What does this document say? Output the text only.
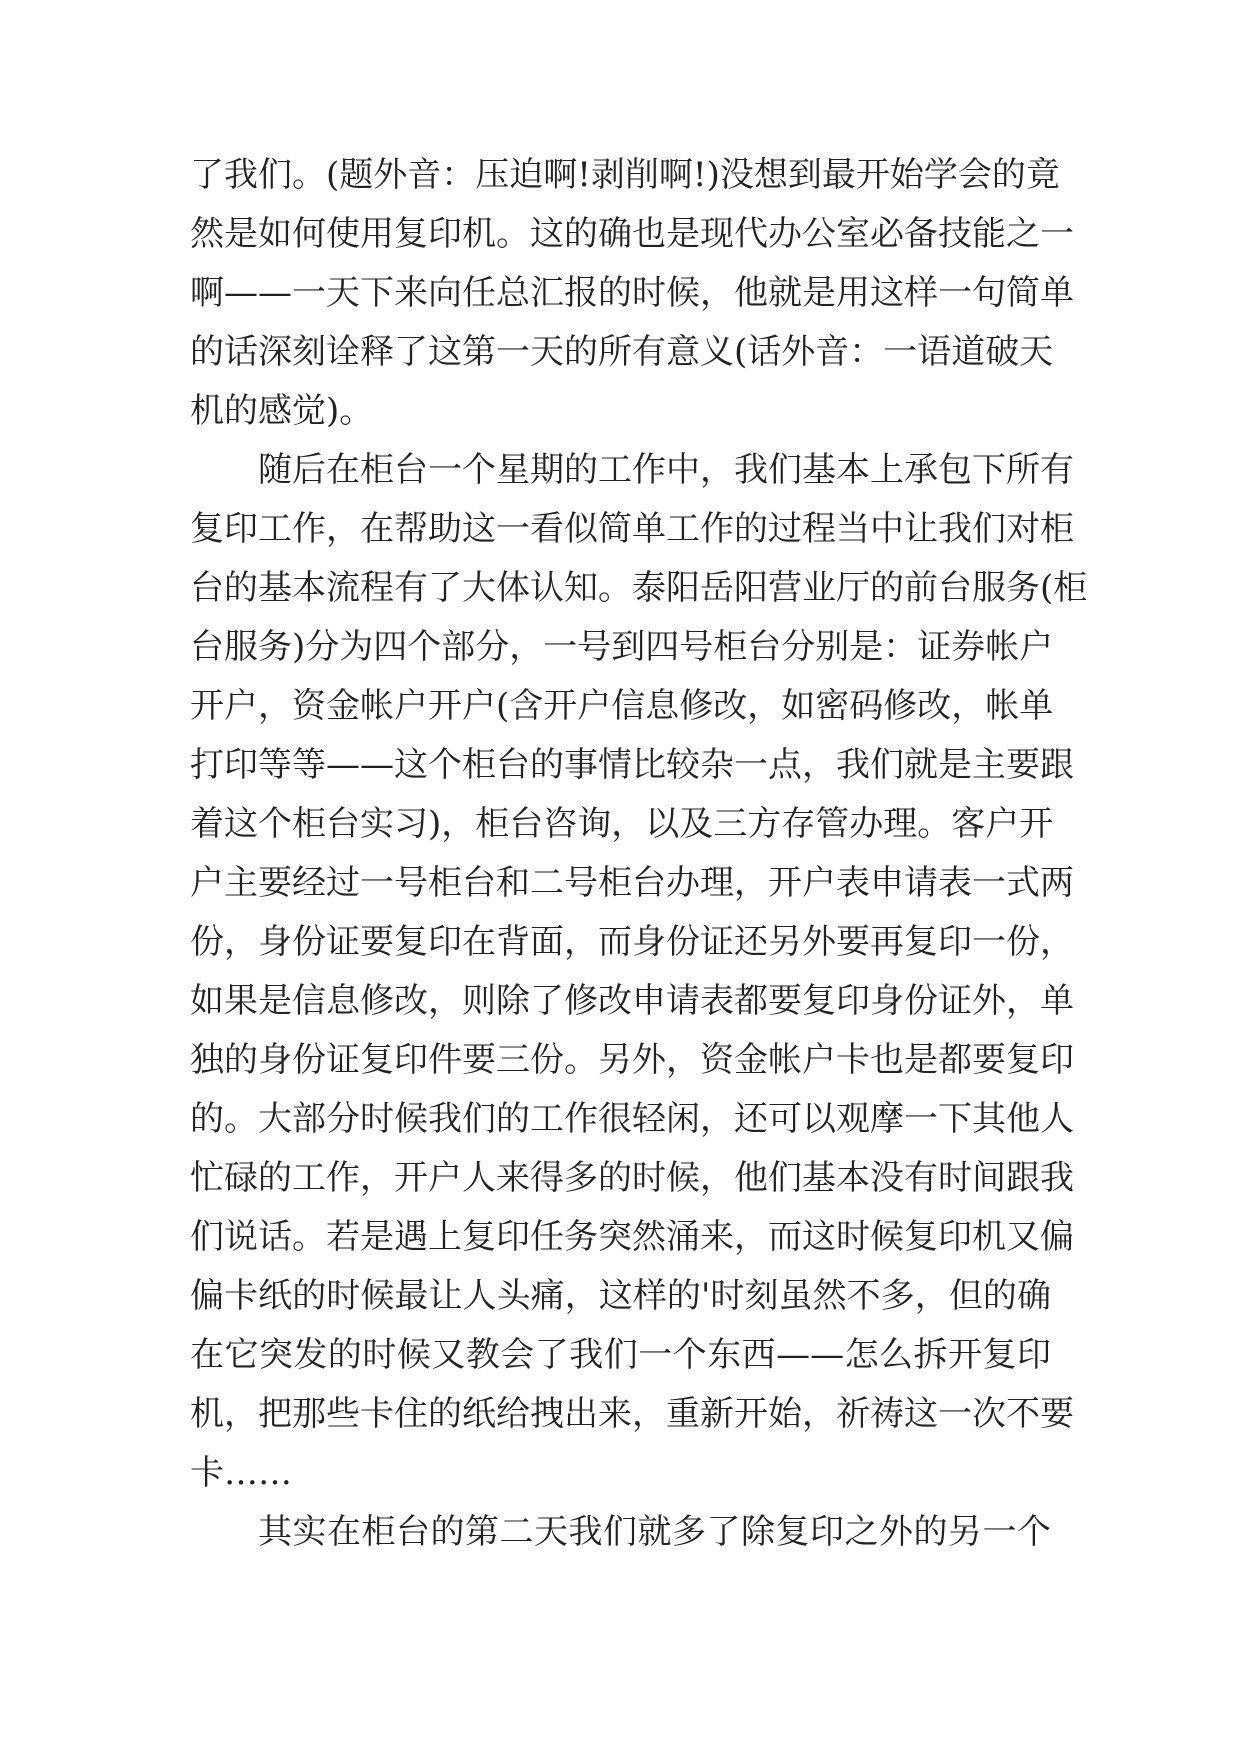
了我们。(题外音：压迫啊!剥削啊!)没想到最开始学会的竟
然是如何使用复印机。这的确也是现代办公室必备技能之一
啊——一天下来向任总汇报的时候，他就是用这样一句简单
的话深刻诠释了这第一天的所有意义(话外音：一语道破天
机的感觉)。
随后在柜台一个星期的工作中，我们基本上承包下所有
复印工作，在帮助这一看似简单工作的过程当中让我们对柜
台的基本流程有了大体认知。泰阳岳阳营业厅的前台服务(柜
台服务)分为四个部分，一号到四号柜台分别是：证券帐户
开户，资金帐户开户(含开户信息修改，如密码修改，帐单
打印等等——这个柜台的事情比较杂一点，我们就是主要跟
着这个柜台实习)，柜台咨询，以及三方存管办理。客户开
户主要经过一号柜台和二号柜台办理，开户表申请表一式两
份，身份证要复印在背面，而身份证还另外要再复印一份，
如果是信息修改，则除了修改申请表都要复印身份证外，单
独的身份证复印件要三份。另外，资金帐户卡也是都要复印
的。大部分时候我们的工作很轻闲，还可以观摩一下其他人
忙碌的工作，开户人来得多的时候，他们基本没有时间跟我
们说话。若是遇上复印任务突然涌来，而这时候复印机又偏
偏卡纸的时候最让人头痛，这样的'时刻虽然不多，但的确
在它突发的时候又教会了我们一个东西——怎么拆开复印
机，把那些卡住的纸给拽出来，重新开始，祈祷这一次不要
卡……
其实在柜台的第二天我们就多了除复印之外的另一个
